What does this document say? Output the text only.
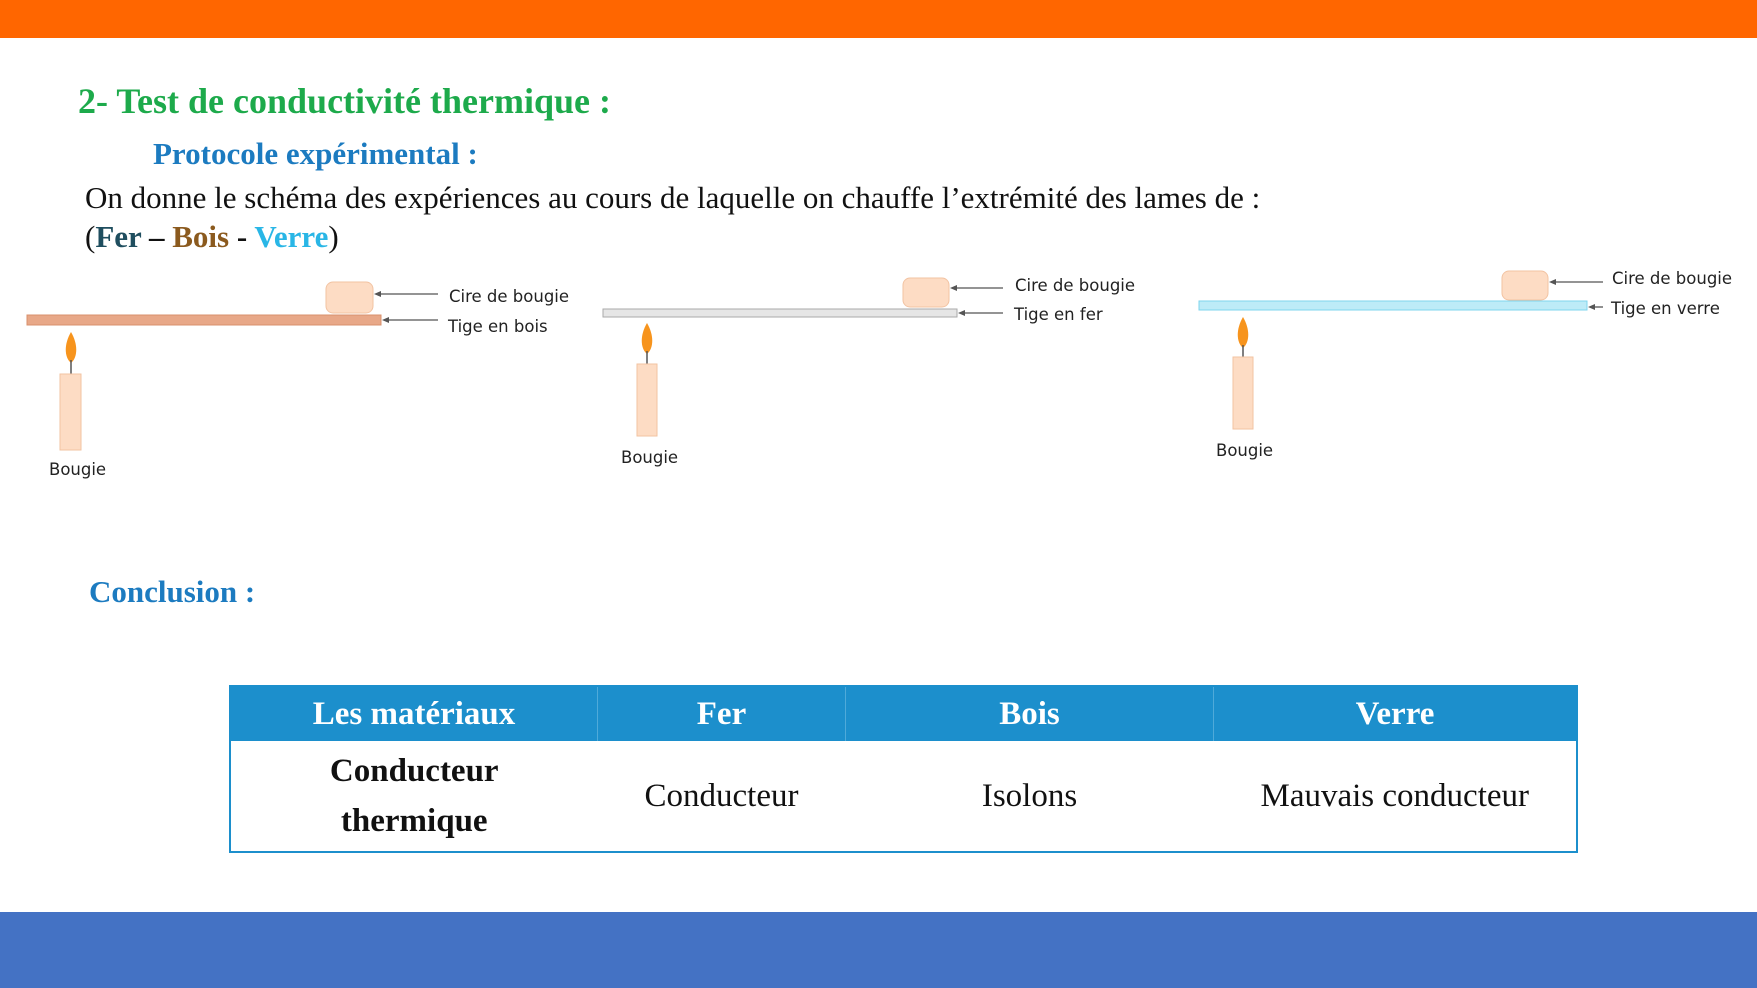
2- Test de conductivité thermique :
Protocole expérimental :
On donne le schéma des expériences au cours de laquelle on chauffe l’extrémité des lames de :
(Fer – Bois - Verre)
Cire de bougie
Tige en bois
Bougie
Cire de bougie
Tige en fer
Bougie
Cire de bougie
Tige en verre
Bougie
Conclusion :
Les matériaux	Fer	Bois	Verre
Conducteur
thermique	Conducteur	Isolons	Mauvais conducteur
